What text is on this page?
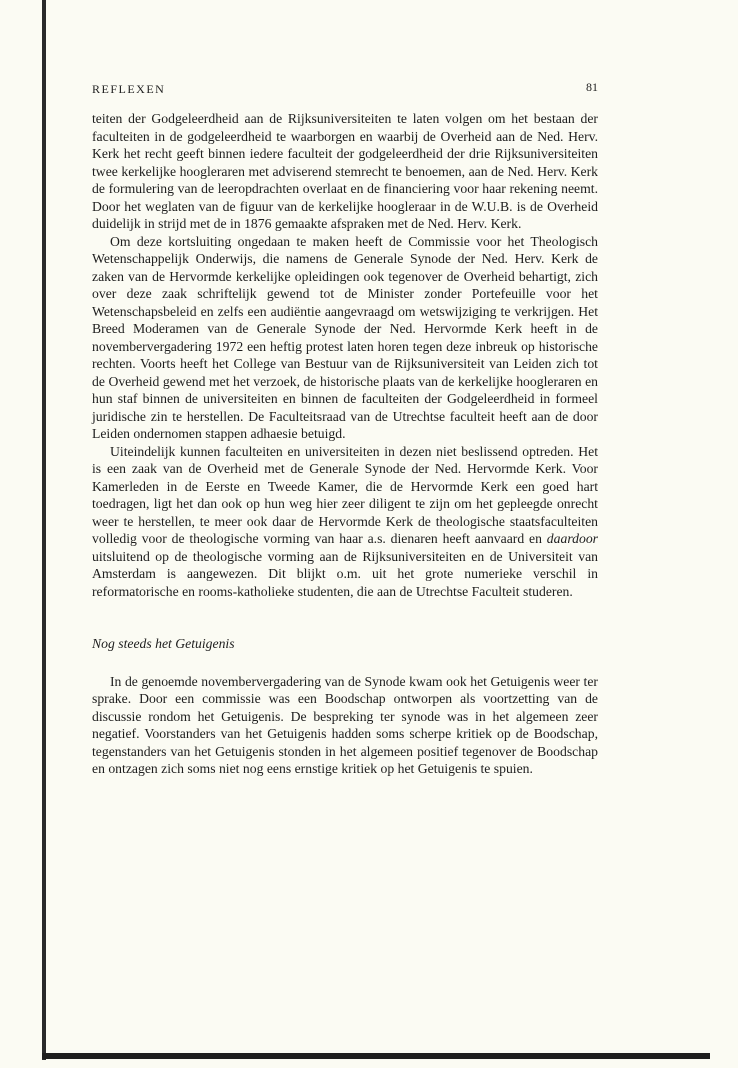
REFLEXEN	81

teiten der Godgeleerdheid aan de Rijksuniversiteiten te laten volgen om het bestaan der faculteiten in de godgeleerdheid te waarborgen en waarbij de Overheid aan de Ned. Herv. Kerk het recht geeft binnen iedere faculteit der godgeleerdheid der drie Rijksuniversiteiten twee kerkelijke hoogleraren met adviserend stemrecht te benoemen, aan de Ned. Herv. Kerk de formulering van de leeropdrachten overlaat en de financiering voor haar rekening neemt. Door het weglaten van de figuur van de kerkelijke hoogleraar in de W.U.B. is de Overheid duidelijk in strijd met de in 1876 gemaakte afspraken met de Ned. Herv. Kerk.

Om deze kortsluiting ongedaan te maken heeft de Commissie voor het Theologisch Wetenschappelijk Onderwijs, die namens de Generale Synode der Ned. Herv. Kerk de zaken van de Hervormde kerkelijke opleidingen ook tegenover de Overheid behartigt, zich over deze zaak schriftelijk gewend tot de Minister zonder Portefeuille voor het Wetenschapsbeleid en zelfs een audiëntie aangevraagd om wetswijziging te verkrijgen. Het Breed Moderamen van de Generale Synode der Ned. Hervormde Kerk heeft in de novembervergadering 1972 een heftig protest laten horen tegen deze inbreuk op historische rechten. Voorts heeft het College van Bestuur van de Rijksuniversiteit van Leiden zich tot de Overheid gewend met het verzoek, de historische plaats van de kerkelijke hoogleraren en hun staf binnen de universiteiten en binnen de faculteiten der Godgeleerdheid in formeel juridische zin te herstellen. De Faculteitsraad van de Utrechtse faculteit heeft aan de door Leiden ondernomen stappen adhaesie betuigd.

Uiteindelijk kunnen faculteiten en universiteiten in dezen niet beslissend optreden. Het is een zaak van de Overheid met de Generale Synode der Ned. Hervormde Kerk. Voor Kamerleden in de Eerste en Tweede Kamer, die de Hervormde Kerk een goed hart toedragen, ligt het dan ook op hun weg hier zeer diligent te zijn om het gepleegde onrecht weer te herstellen, te meer ook daar de Hervormde Kerk de theologische staatsfaculteiten volledig voor de theologische vorming van haar a.s. dienaren heeft aanvaard en daardoor uitsluitend op de theologische vorming aan de Rijksuniversiteiten en de Universiteit van Amsterdam is aangewezen. Dit blijkt o.m. uit het grote numerieke verschil in reformatorische en rooms-katholieke studenten, die aan de Utrechtse Faculteit studeren.

Nog steeds het Getuigenis

In de genoemde novembervergadering van de Synode kwam ook het Getuigenis weer ter sprake. Door een commissie was een Boodschap ontworpen als voortzetting van de discussie rondom het Getuigenis. De bespreking ter synode was in het algemeen zeer negatief. Voorstanders van het Getuigenis hadden soms scherpe kritiek op de Boodschap, tegenstanders van het Getuigenis stonden in het algemeen positief tegenover de Boodschap en ontzagen zich soms niet nog eens ernstige kritiek op het Getuigenis te spuien.
